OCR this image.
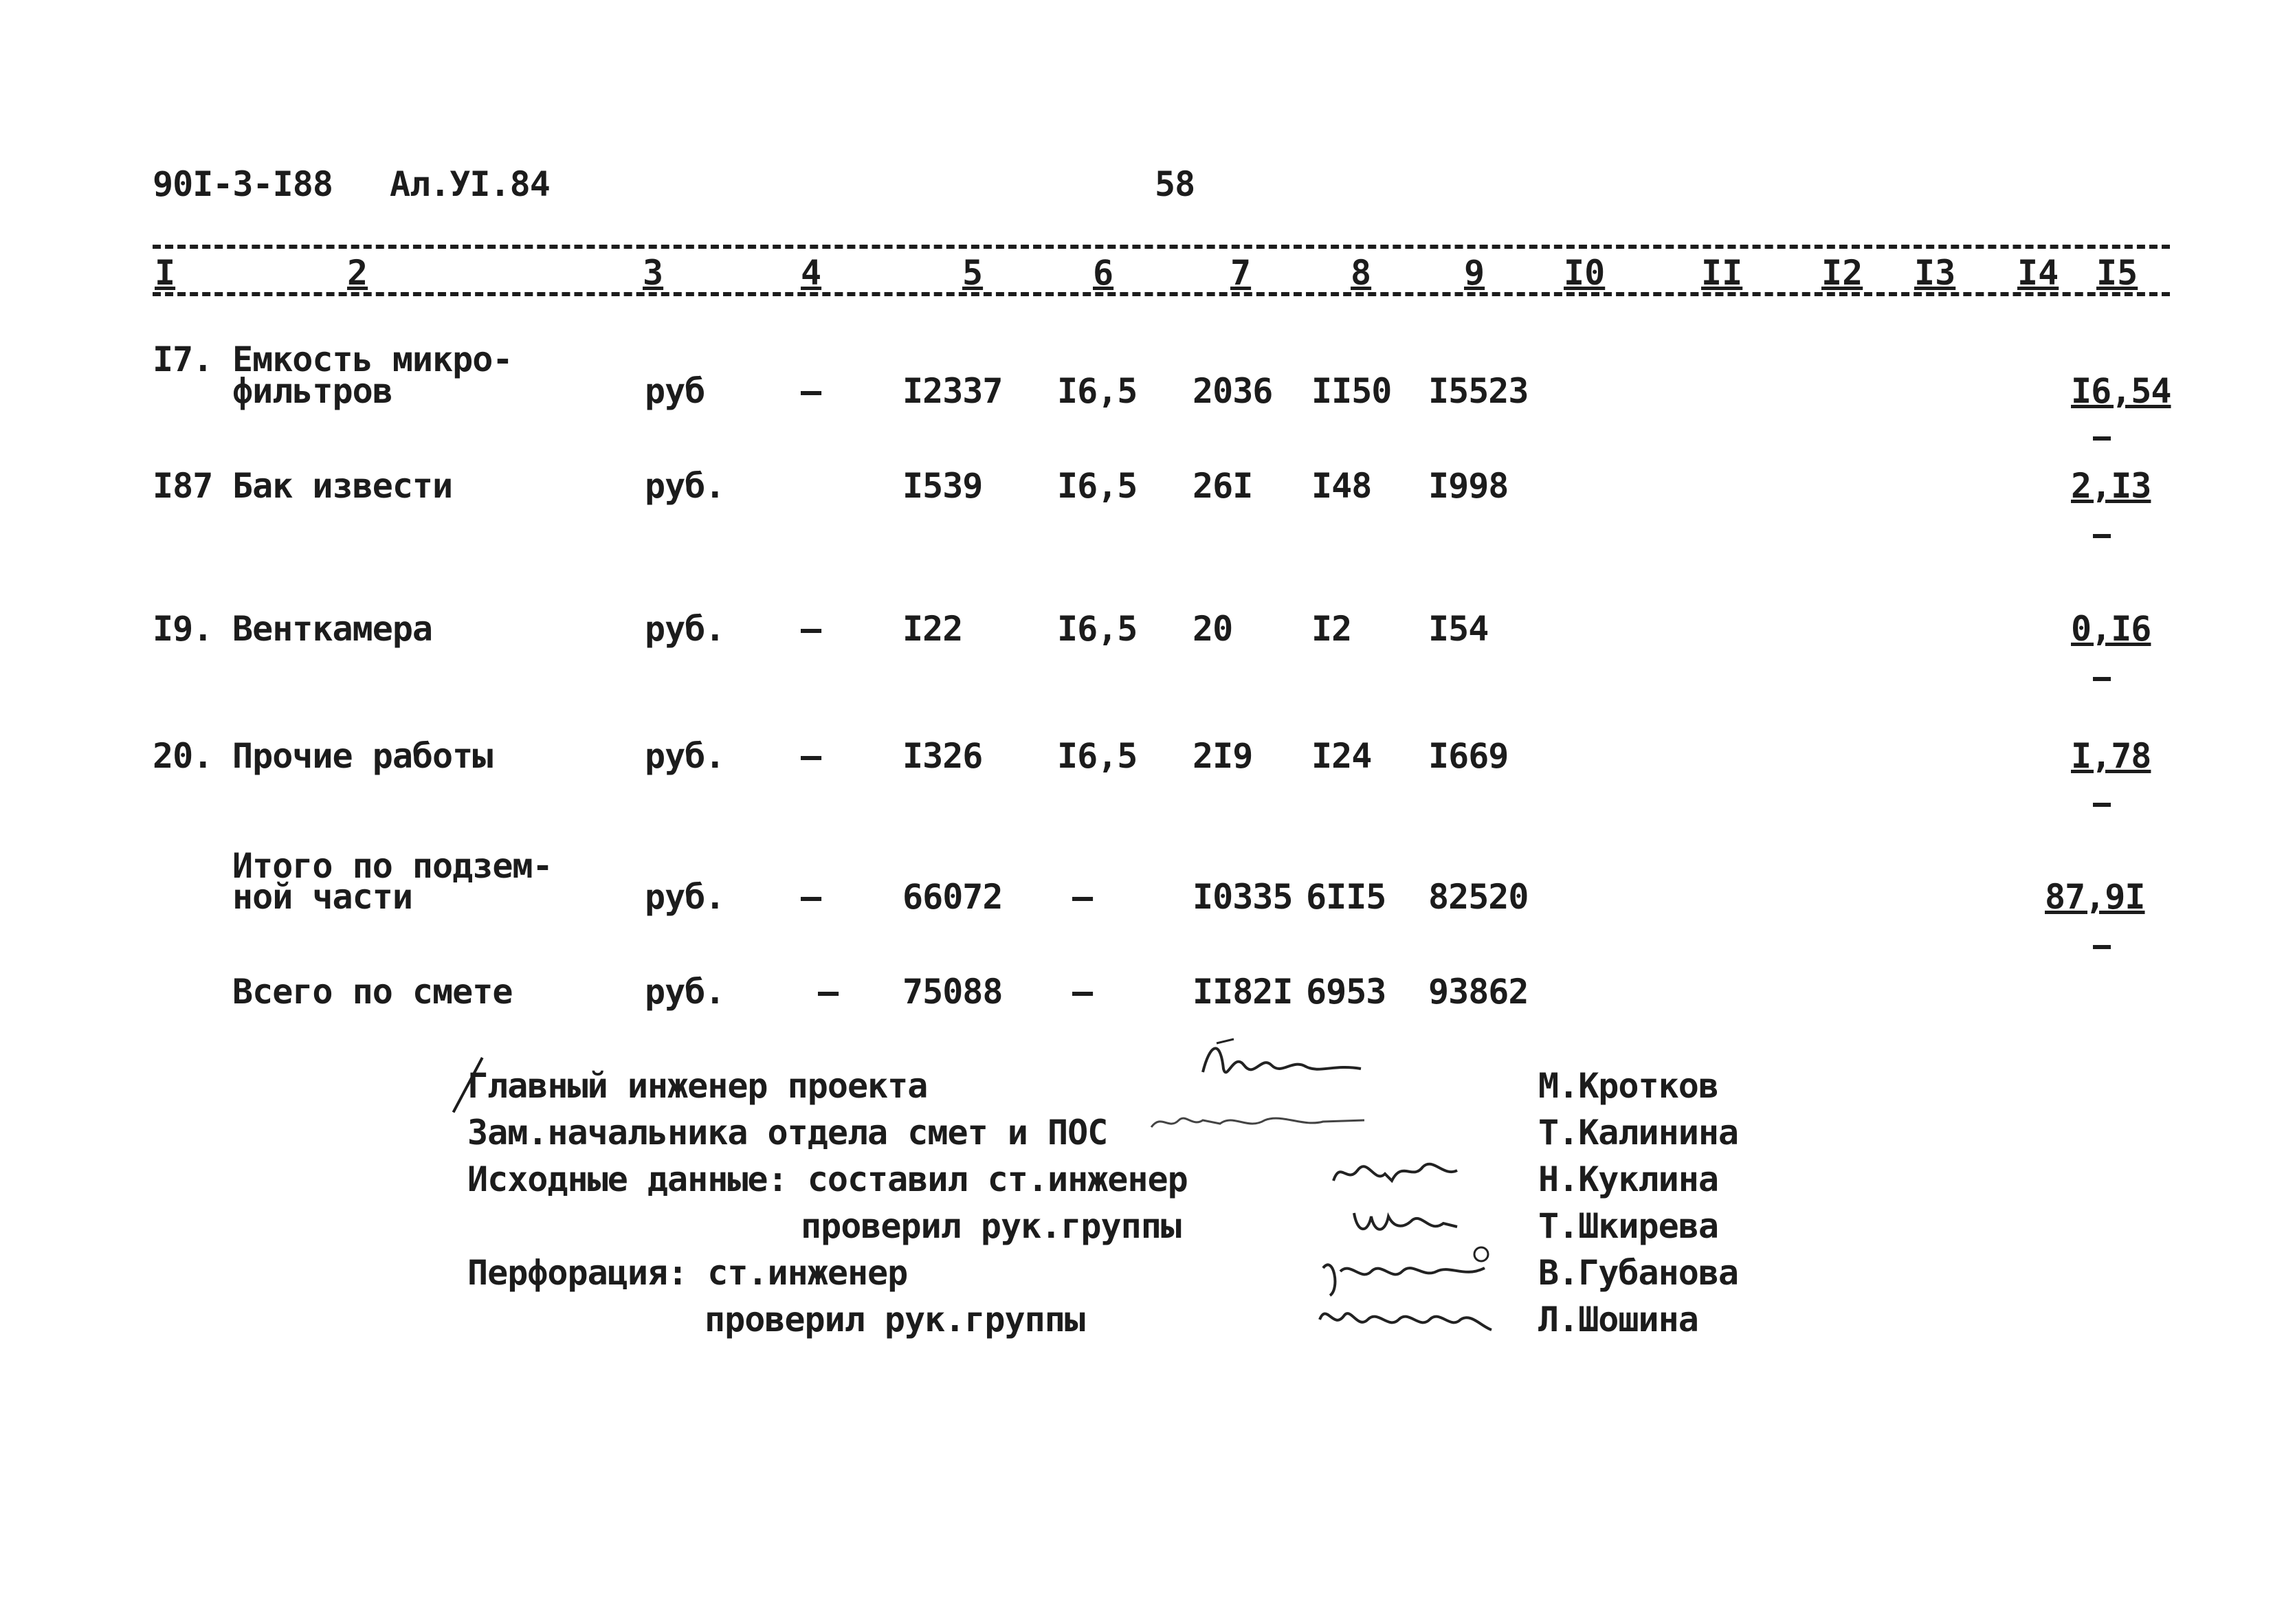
90I-3-I88 Ал.УI.84	58
I	2	3	4	5	6	7	8	9 I0	II I2 I3 I4 I5
I7. Емкость микро-
фильтров	руб	– I2337 I6,5 2036 II50 I5523	I6,54
I87 Бак извести	руб.	I539 I6,5 26I I48 I998	2,I3
I9. Венткамера	руб. – I22	I6,5 20 I2 I54	0,I6
20. Прочие работы	руб. – I326 I6,5 2I9 I24 I669	I,78
Итого по подзем-
ной части	руб. – 66072 –	I0335 6II5 82520	87,9I
Всего по смете	руб.	– 75088 –	II82I 6953 93862
Главный инженер проекта
Зам.начальника отдела смет и ПОС
Исходные данные: составил ст.инженер
проверил рук.группы
Перфорация: ст.инженер
проверил рук.группы
М.Кротков
Т.Калинина
Н.Куклина
Т.Шкирева
В.Губанова
Л.Шошина
